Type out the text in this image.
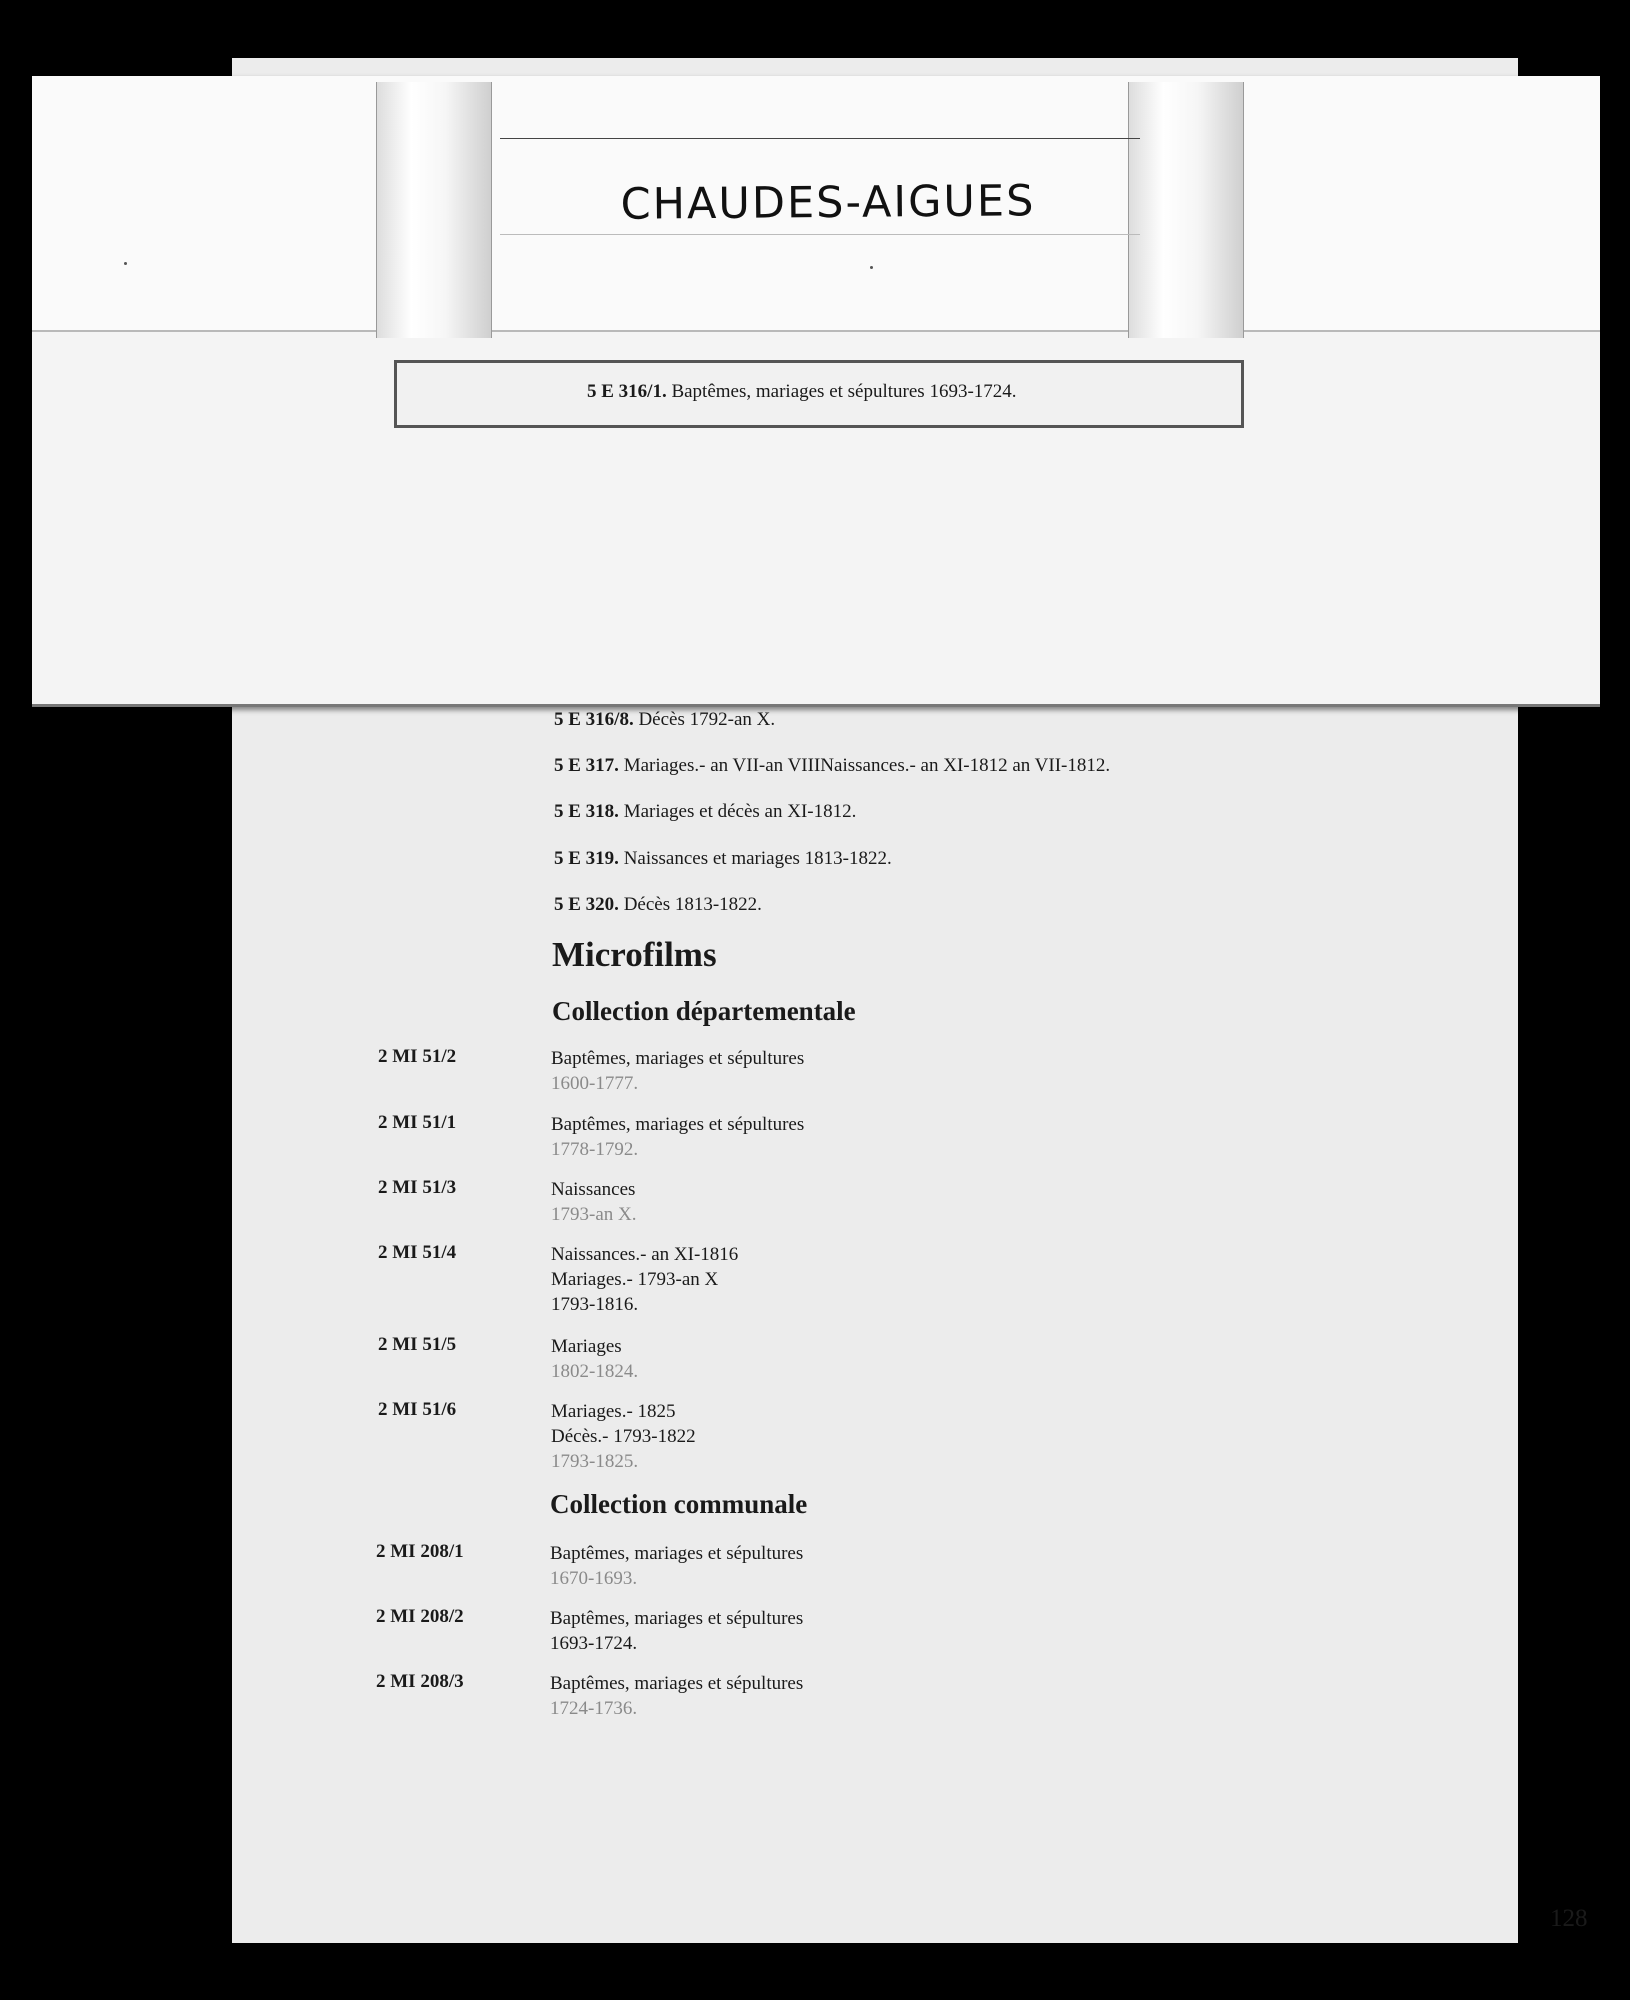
5 E 316/8. Décès 1792-an X.
5 E 317. Mariages.- an VII-an VIIINaissances.- an XI-1812 an VII-1812.
5 E 318. Mariages et décès an XI-1812.
5 E 319. Naissances et mariages 1813-1822.
5 E 320. Décès 1813-1822.
Microfilms
Collection départementale
2 MI 51/2	Baptêmes, mariages et sépultures
1600-1777.
2 MI 51/1	Baptêmes, mariages et sépultures
1778-1792.
2 MI 51/3	Naissances
1793-an X.
2 MI 51/4	Naissances.- an XI-1816
Mariages.- 1793-an X
1793-1816.
2 MI 51/5	Mariages
1802-1824.
2 MI 51/6	Mariages.- 1825
Décès.- 1793-1822
1793-1825.
Collection communale
2 MI 208/1	Baptêmes, mariages et sépultures
1670-1693.
2 MI 208/2	Baptêmes, mariages et sépultures
1693-1724.
2 MI 208/3	Baptêmes, mariages et sépultures
1724-1736.
128
CHAUDES-AIGUES
5 E 316/1. Baptêmes, mariages et sépultures 1693-1724.
